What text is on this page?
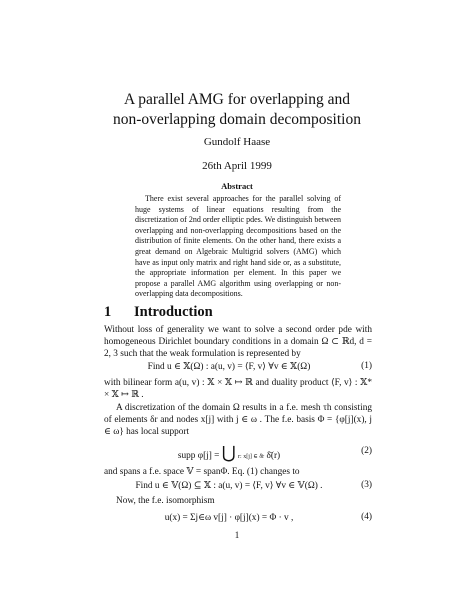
A parallel AMG for overlapping and
non-overlapping domain decomposition
Gundolf Haase
26th April 1999
Abstract
There exist several approaches for the parallel solving of huge systems of linear equations resulting from the discretization of 2nd order elliptic pdes. We distinguish between overlapping and non-overlapping decompositions based on the distribution of finite elements. On the other hand, there exists a great demand on Algebraic Multigrid solvers (AMG) which have as input only matrix and right hand side or, as a substitute, the appropriate information per element. In this paper we propose a parallel AMG algorithm using overlapping or non-overlapping data decompositions.
1 Introduction
Without loss of generality we want to solve a second order pde with homogeneous Dirichlet boundary conditions in a domain Ω ⊂ ℝd, d = 2, 3 such that the weak formulation is represented by
Find u ∈ 𝕏(Ω) : a(u, v) = ⟨F, v⟩ ∀v ∈ 𝕏(Ω)	(1)
with bilinear form a(u, v) : 𝕏 × 𝕏 ↦ ℝ and duality product ⟨F, v⟩ : 𝕏* × 𝕏 ↦ ℝ .
A discretization of the domain Ω results in a f.e. mesh τh consisting of elements δr and nodes x[j] with j ∈ ω . The f.e. basis Φ = {φ[j](x), j ∈ ω} has local support
supp φ[j] = ⋃ r: x[j] ∈ δ̄r δ̄(r)	(2)
and spans a f.e. space 𝕍 = spanΦ. Eq. (1) changes to
Find u ∈ 𝕍(Ω) ⊆ 𝕏 : a(u, v) = ⟨F, v⟩ ∀v ∈ 𝕍(Ω) .	(3)
Now, the f.e. isomorphism
u(x) = Σj∈ω v[j] · φ[j](x) = Φ · v ,	(4)
1
